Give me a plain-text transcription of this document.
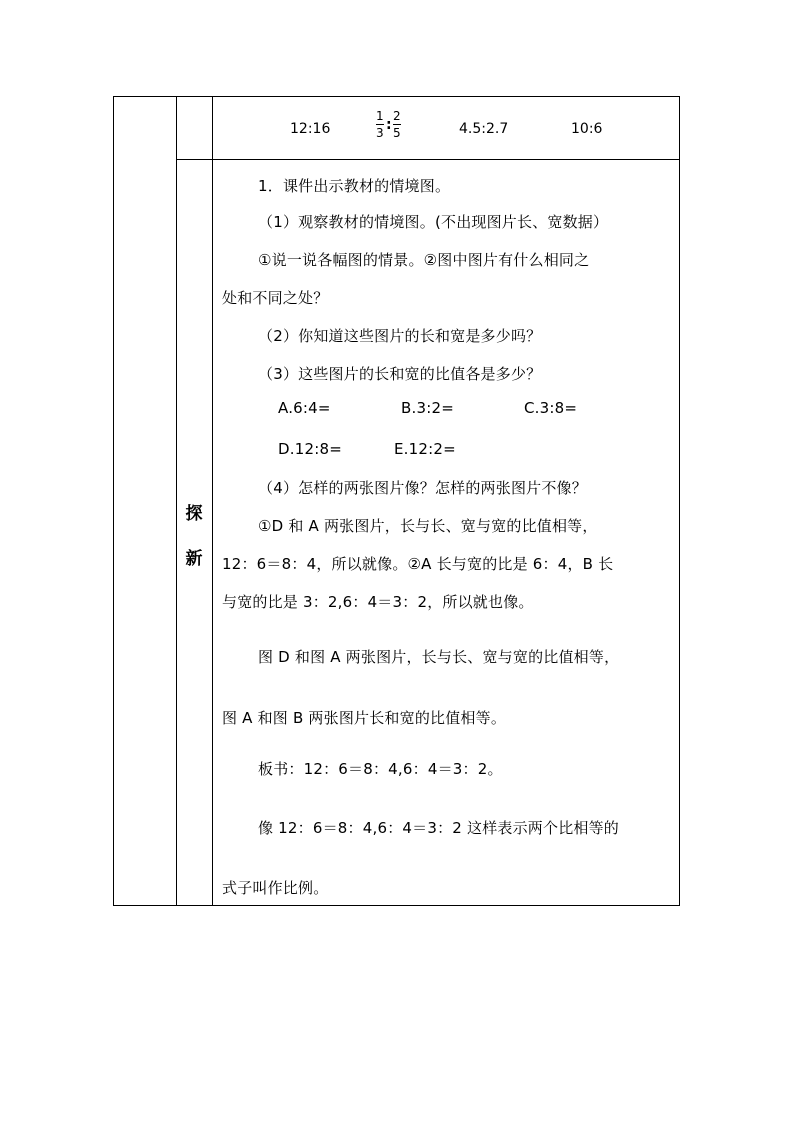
12:16
1
3 :
2
5	4.5:2.7	10:6
探
新
1．课件出示教材的情境图。
（1）观察教材的情境图。(不出现图片长、宽数据）
①说一说各幅图的情景。②图中图片有什么相同之
处和不同之处？
（2）你知道这些图片的长和宽是多少吗？
（3）这些图片的长和宽的比值各是多少？
A.6:4=	B.3:2=	C.3:8=
D.12:8=	E.12:2=
（4）怎样的两张图片像？怎样的两张图片不像？
①D 和 A 两张图片，长与长、宽与宽的比值相等，
12：6＝8：4，所以就像。②A 长与宽的比是 6：4，B 长
与宽的比是 3：2,6：4＝3：2，所以就也像。
图 D 和图 A 两张图片，长与长、宽与宽的比值相等，
图 A 和图 B 两张图片长和宽的比值相等。
板书：12：6＝8：4,6：4＝3：2。
像 12：6＝8：4,6：4＝3：2 这样表示两个比相等的
式子叫作比例。
